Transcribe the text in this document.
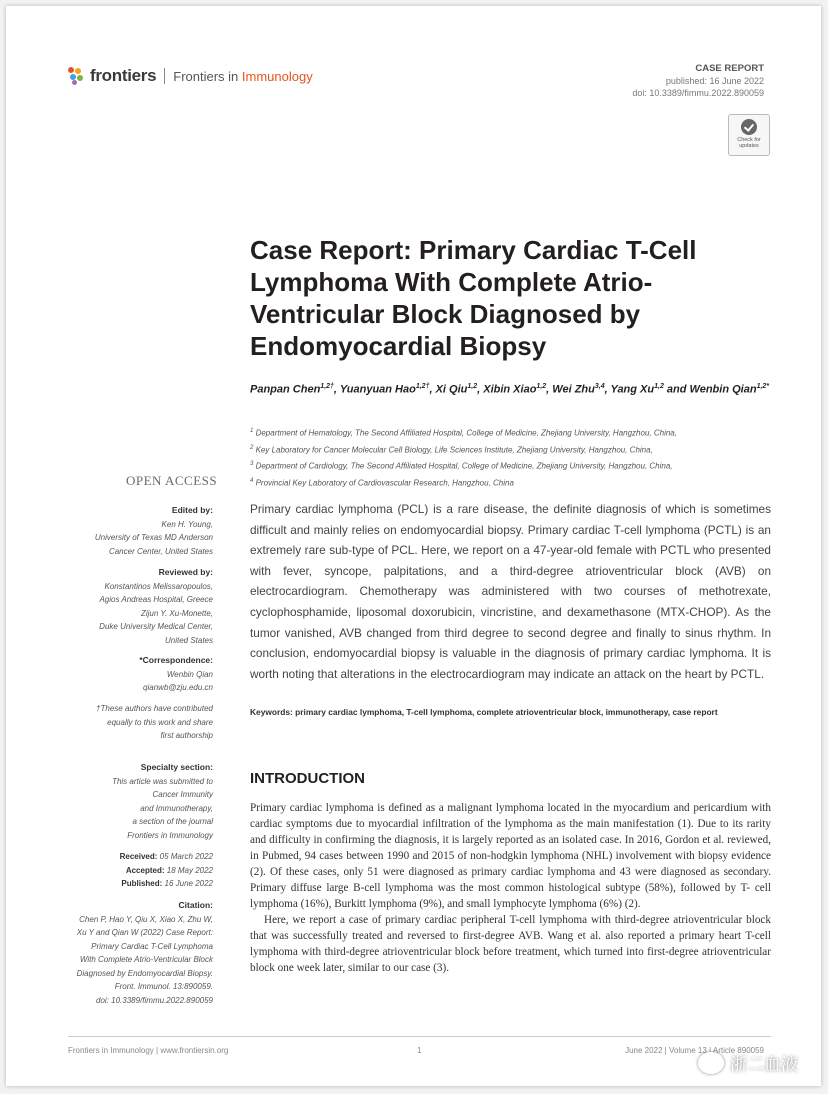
frontiers Frontiers in Immunology	CASE REPORT
published: 16 June 2022
doi: 10.3389/fimmu.2022.890059
Check for updates
Case Report: Primary Cardiac T-Cell Lymphoma With Complete Atrio-Ventricular Block Diagnosed by Endomyocardial Biopsy
Panpan Chen$^{1,2\dagger}$, Yuanyuan Hao$^{1,2\dagger}$, Xi Qiu$^{1,2}$, Xibin Xiao$^{1,2}$, Wei Zhu$^{3,4}$, Yang Xu$^{1,2}$ and Wenbin Qian$^{1,2*}$
$^1$ Department of Hematology, The Second Affiliated Hospital, College of Medicine, Zhejiang University, Hangzhou, China,
$^2$ Key Laboratory for Cancer Molecular Cell Biology, Life Sciences Institute, Zhejiang University, Hangzhou, China,
$^3$ Department of Cardiology, The Second Affiliated Hospital, College of Medicine, Zhejiang University, Hangzhou, China,
$^4$ Provincial Key Laboratory of Cardiovascular Research, Hangzhou, China
OPEN ACCESS
Edited by:
Ken H. Young,
University of Texas MD Anderson
Cancer Center, United States
Reviewed by:
Konstantinos Melissaropoulos,
Agios Andreas Hospital, Greece
Zijun Y. Xu-Monette,
Duke University Medical Center,
United States
*Correspondence:
Wenbin Qian
qianwb@zju.edu.cn
†These authors have contributed
equally to this work and share
first authorship
Specialty section:
This article was submitted to
Cancer Immunity
and Immunotherapy,
a section of the journal
Frontiers in Immunology
Received: 05 March 2022
Accepted: 18 May 2022
Published: 16 June 2022
Citation:
Chen P, Hao Y, Qiu X, Xiao X, Zhu W,
Xu Y and Qian W (2022) Case Report:
Primary Cardiac T-Cell Lymphoma
With Complete Atrio-Ventricular Block
Diagnosed by Endomyocardial Biopsy.
Front. Immunol. 13:890059.
doi: 10.3389/fimmu.2022.890059
Primary cardiac lymphoma (PCL) is a rare disease, the definite diagnosis of which is sometimes difficult and mainly relies on endomyocardial biopsy. Primary cardiac T-cell lymphoma (PCTL) is an extremely rare sub-type of PCL. Here, we report on a 47-year-old female with PCTL who presented with fever, syncope, palpitations, and a third-degree atrioventricular block (AVB) on electrocardiogram. Chemotherapy was administered with two courses of methotrexate, cyclophosphamide, liposomal doxorubicin, vincristine, and dexamethasone (MTX-CHOP). As the tumor vanished, AVB changed from third degree to second degree and finally to sinus rhythm. In conclusion, endomyocardial biopsy is valuable in the diagnosis of primary cardiac lymphoma. It is worth noting that alterations in the electrocardiogram may indicate an attack on the heart by PCTL.
Keywords: primary cardiac lymphoma, T-cell lymphoma, complete atrioventricular block, immunotherapy, case report
INTRODUCTION

Primary cardiac lymphoma is defined as a malignant lymphoma located in the myocardium and pericardium with cardiac symptoms due to myocardial infiltration of the lymphoma as the main manifestation (1). Due to its rarity and difficulty in confirming the diagnosis, it is largely reported as an isolated case. In 2016, Gordon et al. reviewed, in Pubmed, 94 cases between 1990 and 2015 of non-hodgkin lymphoma (NHL) involvement with biopsy evidence (2). Of these cases, only 51 were diagnosed as primary cardiac lymphoma and 43 were diagnosed as secondary. Primary diffuse large B-cell lymphoma was the most common histological subtype (58%), followed by T- cell lymphoma (16%), Burkitt lymphoma (9%), and small lymphocyte lymphoma (6%) (2).

Here, we report a case of primary cardiac peripheral T-cell lymphoma with third-degree atrioventricular block that was successfully treated and reversed to first-degree AVB. Wang et al. also reported a primary heart T-cell lymphoma with third-degree atrioventricular block before treatment, which turned into first-degree atrioventricular block one week later, similar to our case (3).

Frontiers in Immunology | www.frontiersin.org	1	June 2022 | Volume 13 | Article 890059
浙二血液
